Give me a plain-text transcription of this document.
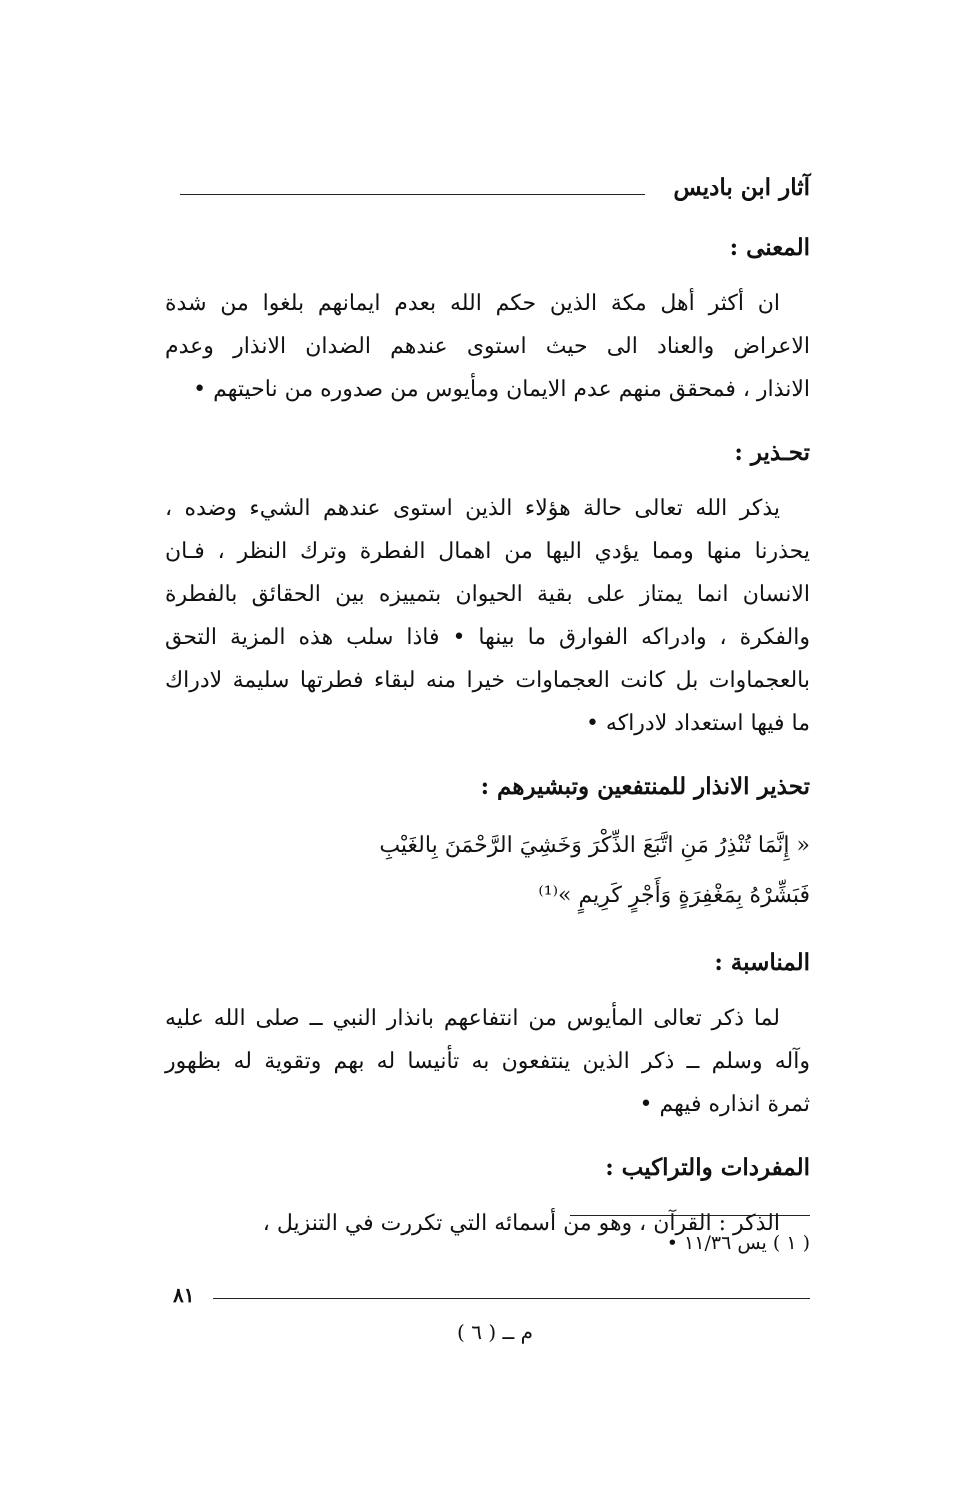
آثار ابن باديس
المعنى :

ان أكثر أهل مكة الذين حكم الله بعدم ايمانهم بلغوا من شدة
الاعراض والعناد الى حيث استوى عندهم الضدان الانذار وعدم
الانذار ، فمحقق منهم عدم الايمان ومأيوس من صدوره من ناحيتهم •

تحـذير :

يذكر الله تعالى حالة هؤلاء الذين استوى عندهم الشيء وضده ،
يحذرنا منها ومما يؤدي اليها من اهمال الفطرة وترك النظر ، فـان
الانسان انما يمتاز على بقية الحيوان بتمييزه بين الحقائق بالفطرة
والفكرة ، وادراكه الفوارق ما بينها • فاذا سلب هذه المزية التحق
بالعجماوات بل كانت العجماوات خيرا منه لبقاء فطرتها سليمة لادراك
ما فيها استعداد لادراكه •

تحذير الانذار للمنتفعين وتبشيرهم :

« إِنَّمَا تُنْذِرُ مَنِ اتَّبَعَ الذِّكْرَ وَخَشِيَ الرَّحْمَنَ بِالغَيْبِ
فَبَشِّرْهُ بِمَغْفِرَةٍ وَأَجْرٍ كَرِيمٍ »⁽¹⁾

المناسبة :

لما ذكر تعالى المأيوس من انتفاعهم بانذار النبي ــ صلى الله عليه
وآله وسلم ــ ذكر الذين ينتفعون به تأنيسا له بهم وتقوية له بظهور
ثمرة انذاره فيهم •

المفردات والتراكيب :

الذكر : القرآن ، وهو من أسمائه التي تكررت في التنزيل ،

( ١ ) يس ١١/٣٦ •
٨١
م ــ ( ٦ )
